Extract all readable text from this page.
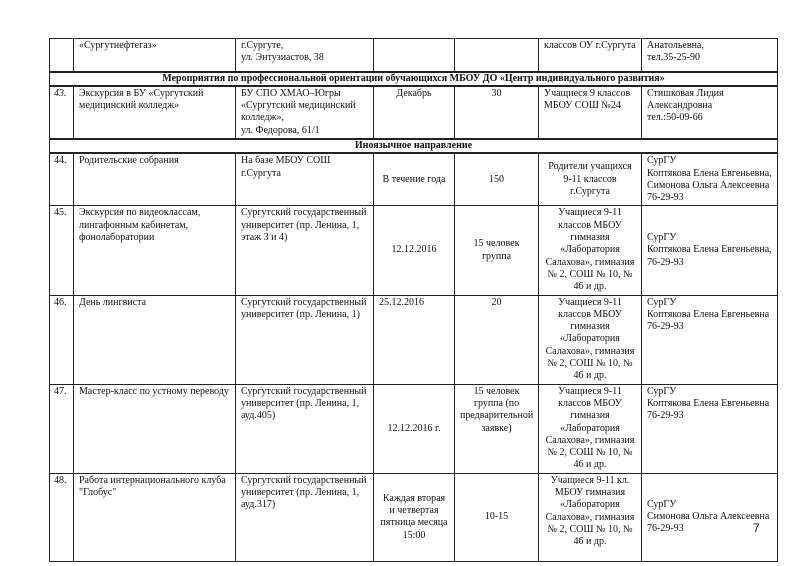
	«Сургутнефтегаз»	г.Сургуте,
ул. Энтузиастов, 38			классов ОУ г.Сургута	Анатольевна,
тел.35-25-90
Мероприятия по профессиональной ориентации обучающихся МБОУ ДО «Центр индивидуального развития»						
43.	Экскурсия в БУ «Сургутский медицинский колледж»	БУ СПО ХМАО–Югры «Сургутский медицинский колледж»,
ул. Федорова, 61/1	Декабрь	30	Учащиеся 9 классов МБОУ СОШ №24	Стишковая Лидия Александровна
тел.:50-09-66
Иноязычное направление						
44.	Родительские собрания	На базе МБОУ СОШ г.Сургута	В течение года	150	Родители учащихся 9-11 классов г.Сургута	СурГУ
Коптякова Елена Евгеньевна,
Симонова Ольга Алексеевна
76-29-93
45.	Экскурсия по видеоклассам, лингафонным кабинетам, фонолаборатории	Сургутский государственный университет (пр. Ленина, 1, этаж 3 и 4)	12.12.2016	15 человек группа	Учащиеся 9-11 классов МБОУ гимназия «Лаборатория Салахова», гимназия № 2, СОШ № 10, № 46 и др.	СурГУ
Коптякова Елена Евгеньевна,
76-29-93
46.	День лингвиста	Сургутский государственный университет (пр. Ленина, 1)	25.12.2016	20	Учащиеся 9-11 классов МБОУ гимназия «Лаборатория Салахова», гимназия № 2, СОШ № 10, № 46 и др.	СурГУ
Коптякова Елена Евгеньевна
76-29-93
47.	Мастер-класс по устному переводу	Сургутский государственный университет (пр. Ленина, 1, ауд.405)	12.12.2016 г.	15 человек группа (по предварительной заявке)	Учащиеся 9-11 классов МБОУ гимназия «Лаборатория Салахова», гимназия № 2, СОШ № 10, № 46 и др.	СурГУ
Коптякова Елена Евгеньевна
76-29-93
48.	Работа интернационального клуба "Глобус"	Сургутский государственный университет (пр. Ленина, 1, ауд.317)	Каждая вторая и четвертая пятница месяца 15:00	10-15	Учащиеся 9-11 кл. МБОУ гимназия «Лаборатория Салахова», гимназия № 2, СОШ № 10, № 46 и др.	СурГУ
Симонова Ольга Алексеевна
76-29-93	7
